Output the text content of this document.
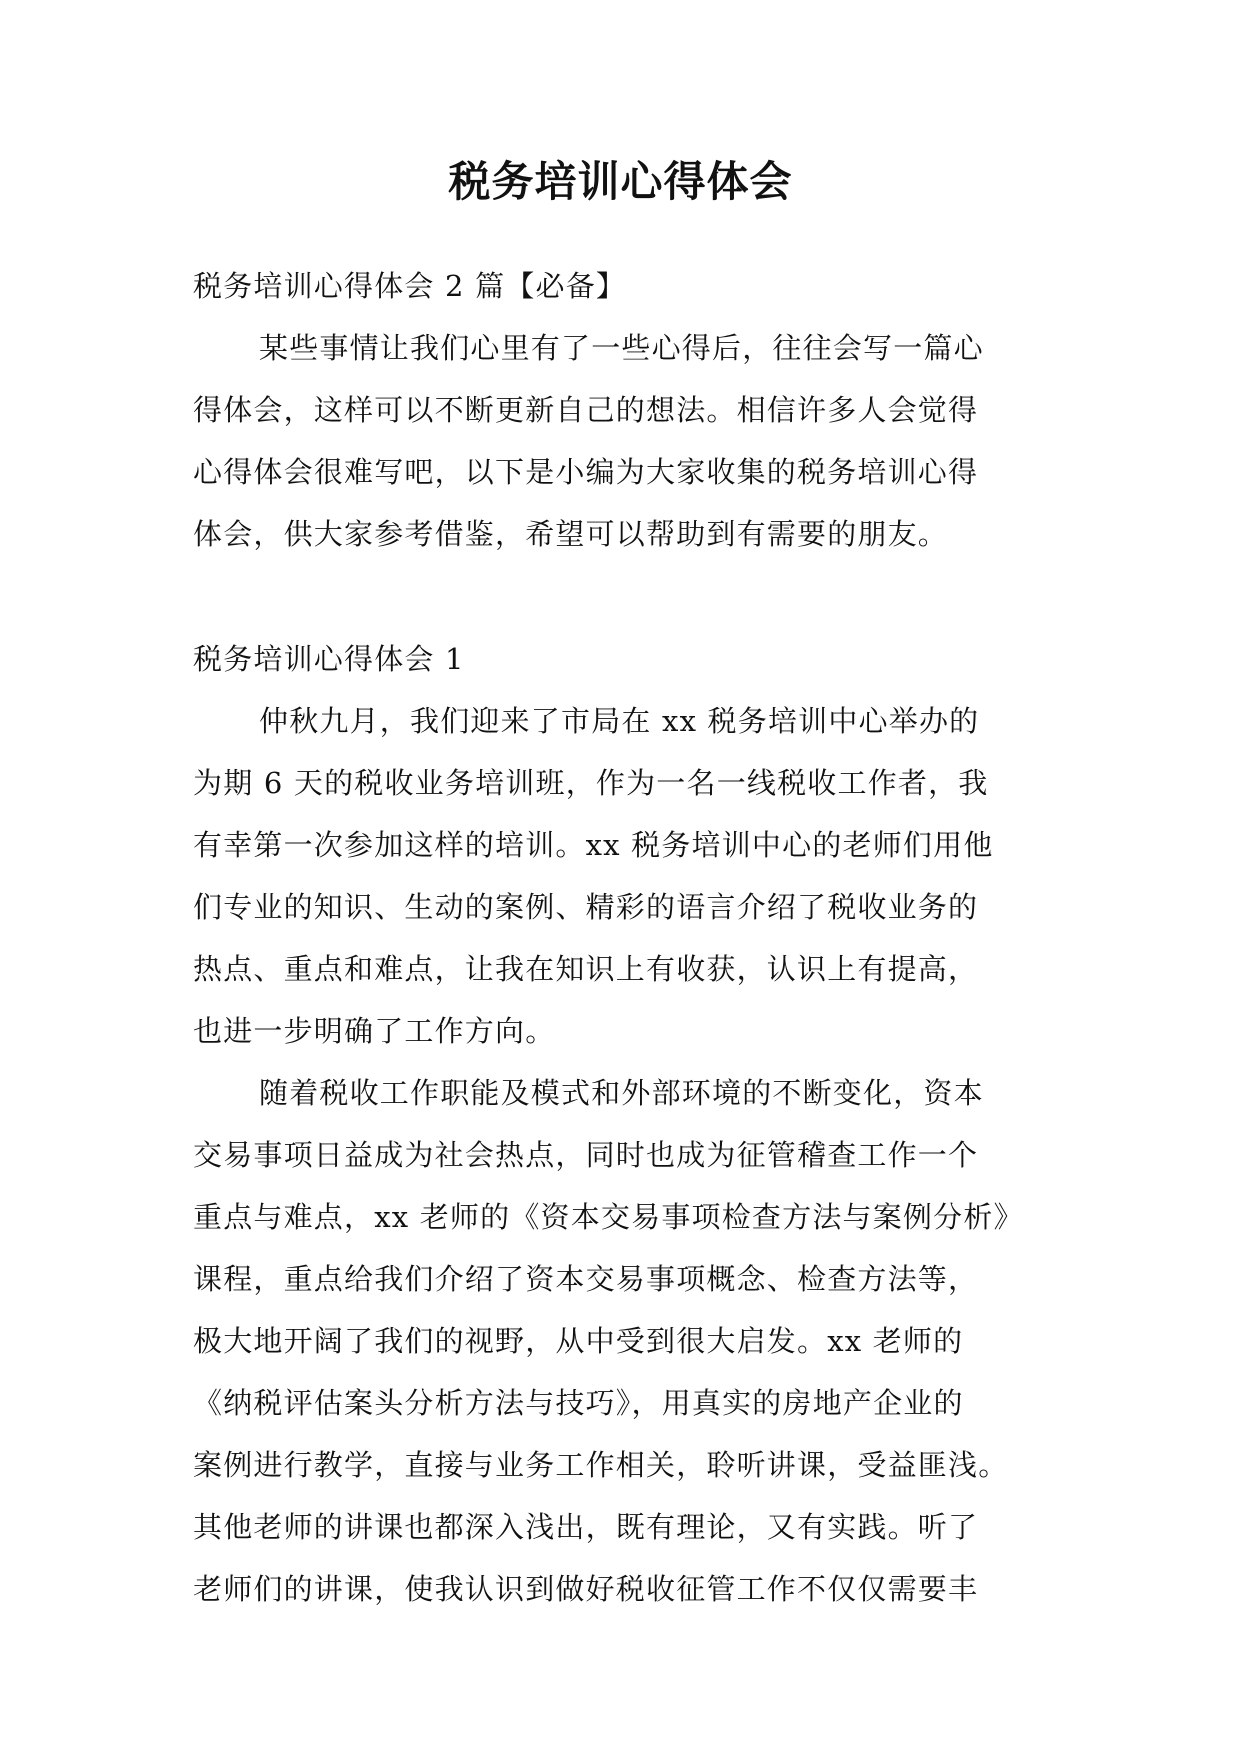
税务培训心得体会
税务培训心得体会 2 篇【必备】
某些事情让我们心里有了一些心得后，往往会写一篇心
得体会，这样可以不断更新自己的想法。相信许多人会觉得
心得体会很难写吧，以下是小编为大家收集的税务培训心得
体会，供大家参考借鉴，希望可以帮助到有需要的朋友。
税务培训心得体会 1
仲秋九月，我们迎来了市局在 xx 税务培训中心举办的
为期 6 天的税收业务培训班，作为一名一线税收工作者，我
有幸第一次参加这样的培训。xx 税务培训中心的老师们用他
们专业的知识、生动的案例、精彩的语言介绍了税收业务的
热点、重点和难点，让我在知识上有收获，认识上有提高，
也进一步明确了工作方向。
随着税收工作职能及模式和外部环境的不断变化，资本
交易事项日益成为社会热点，同时也成为征管稽查工作一个
重点与难点，xx 老师的《资本交易事项检查方法与案例分析》
课程，重点给我们介绍了资本交易事项概念、检查方法等，
极大地开阔了我们的视野，从中受到很大启发。xx 老师的
《纳税评估案头分析方法与技巧》，用真实的房地产企业的
案例进行教学，直接与业务工作相关，聆听讲课，受益匪浅。
其他老师的讲课也都深入浅出，既有理论，又有实践。听了
老师们的讲课，使我认识到做好税收征管工作不仅仅需要丰
